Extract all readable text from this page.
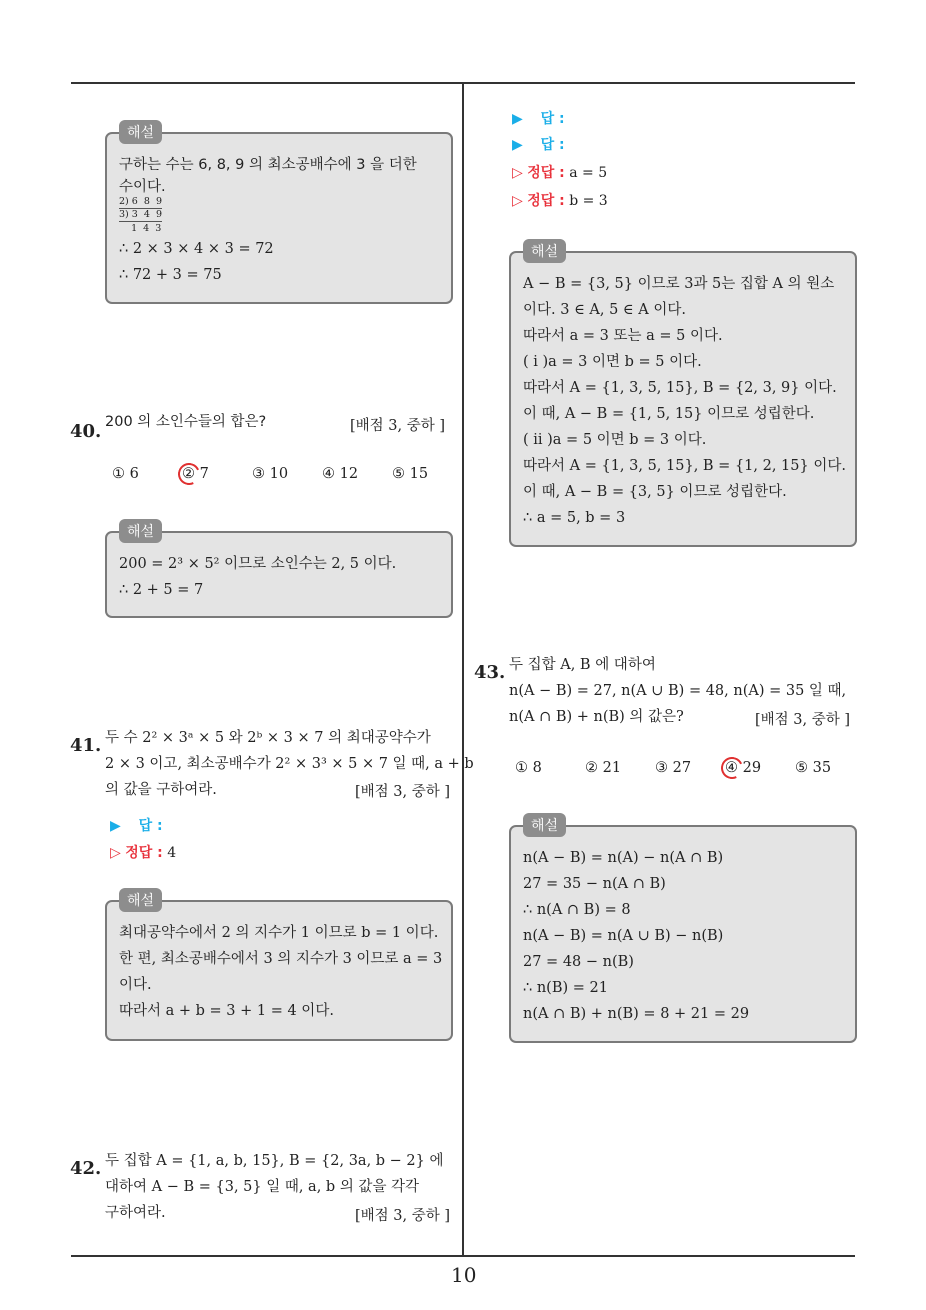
해설
구하는 수는 6, 8, 9 의 최소공배수에 3 을 더한
수이다.
2) 6  8  9
3) 3  4  9
1  4  3
∴ 2 × 3 × 4 × 3 = 72
∴ 72 + 3 = 75
40. 200 의 소인수들의 합은?	[배점 3, 중하 ]
① 6	② 7	③ 10	④ 12	⑤ 15
해설
200 = 2³ × 5² 이므로 소인수는 2, 5 이다.
∴ 2 + 5 = 7
41. 두 수 2² × 3ᵃ × 5 와 2ᵇ × 3 × 7 의 최대공약수가
2 × 3 이고, 최소공배수가 2² × 3³ × 5 × 7 일 때, a + b
의 값을 구하여라.	[배점 3, 중하 ]
▶ 답 :
▷ 정답 : 4
해설
최대공약수에서 2 의 지수가 1 이므로 b = 1 이다.
한 편, 최소공배수에서 3 의 지수가 3 이므로 a = 3
이다.
따라서 a + b = 3 + 1 = 4 이다.
42. 두 집합 A = {1, a, b, 15}, B = {2, 3a, b − 2} 에
대하여 A − B = {3, 5} 일 때, a, b 의 값을 각각
구하여라.	[배점 3, 중하 ]
▶ 답 :
▶ 답 :
▷ 정답 : a = 5
▷ 정답 : b = 3
해설
A − B = {3, 5} 이므로 3과 5는 집합 A 의 원소
이다. 3 ∈ A, 5 ∈ A 이다.
따라서 a = 3 또는 a = 5 이다.
( i )a = 3 이면 b = 5 이다.
따라서 A = {1, 3, 5, 15}, B = {2, 3, 9} 이다.
이 때, A − B = {1, 5, 15} 이므로 성립한다.
( ii )a = 5 이면 b = 3 이다.
따라서 A = {1, 3, 5, 15}, B = {1, 2, 15} 이다.
이 때, A − B = {3, 5} 이므로 성립한다.
∴ a = 5, b = 3
43. 두 집합 A, B 에 대하여
n(A − B) = 27, n(A ∪ B) = 48, n(A) = 35 일 때,
n(A ∩ B) + n(B) 의 값은?	[배점 3, 중하 ]
① 8	② 21	③ 27	④ 29	⑤ 35
해설
n(A − B) = n(A) − n(A ∩ B)
27 = 35 − n(A ∩ B)
∴ n(A ∩ B) = 8
n(A − B) = n(A ∪ B) − n(B)
27 = 48 − n(B)
∴ n(B) = 21
n(A ∩ B) + n(B) = 8 + 21 = 29
10
